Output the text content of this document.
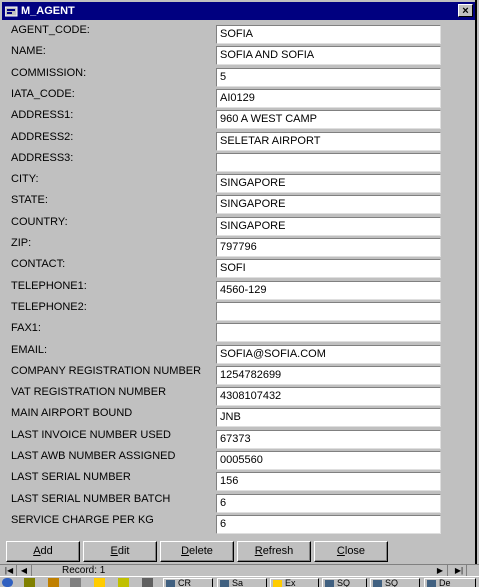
M_AGENT	×
AGENT_CODE:	SOFIA
NAME:	SOFIA AND SOFIA
COMMISSION:	5
IATA_CODE:	AI0129
ADDRESS1:	960 A WEST CAMP
ADDRESS2:	SELETAR AIRPORT
ADDRESS3:
CITY:	SINGAPORE
STATE:	SINGAPORE
COUNTRY:	SINGAPORE
ZIP:	797796
CONTACT:	SOFI
TELEPHONE1:	4560-129
TELEPHONE2:
FAX1:
EMAIL:	SOFIA@SOFIA.COM
COMPANY REGISTRATION NUMBER	1254782699
VAT REGISTRATION NUMBER	4308107432
MAIN AIRPORT BOUND	JNB
LAST INVOICE NUMBER USED	67373
LAST AWB NUMBER ASSIGNED	0005560
LAST SERIAL NUMBER	156
LAST SERIAL NUMBER BATCH	6
SERVICE CHARGE PER KG	6
Add	Edit	Delete	Refresh	Close
|◀ ◀	Record: 1	▶	▶|
CR	Sa	Ex	SQ	SQ	De
